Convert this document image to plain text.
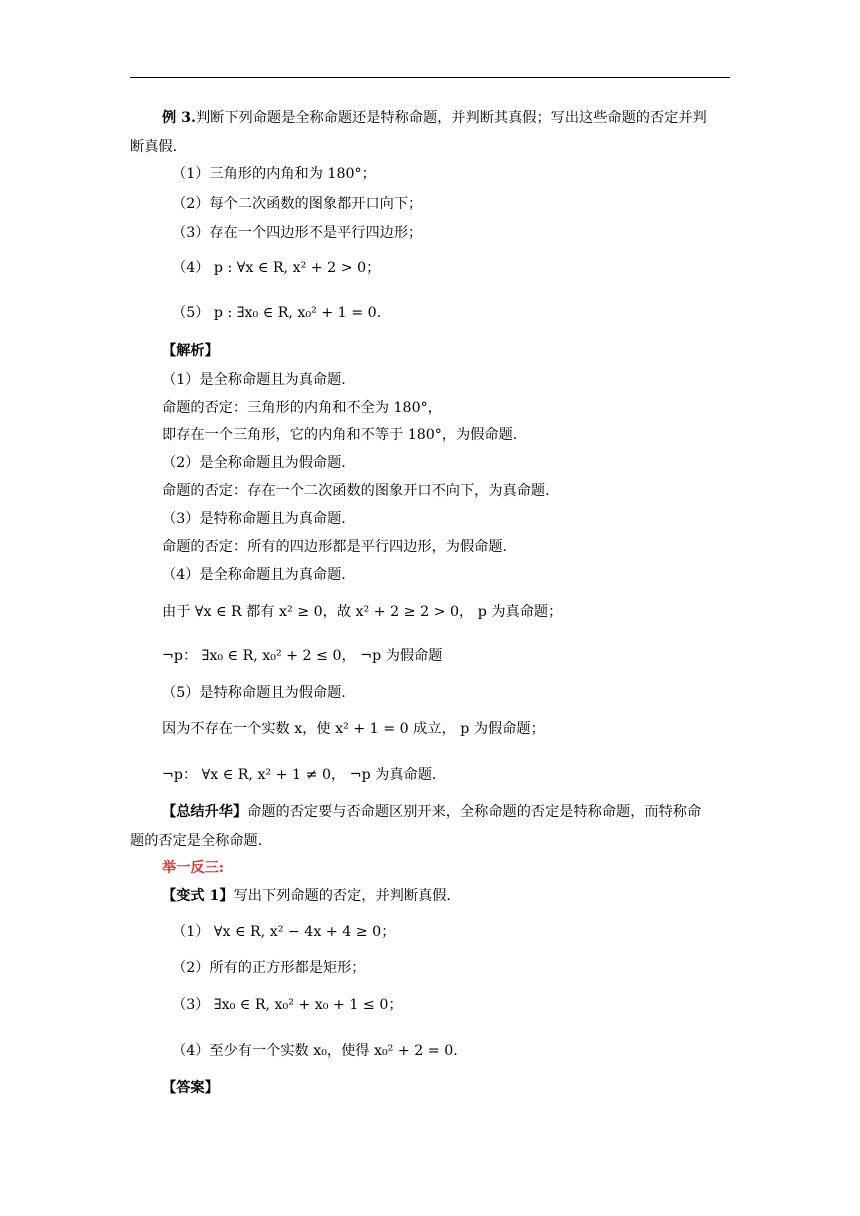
例 3.判断下列命题是全称命题还是特称命题，并判断其真假；写出这些命题的否定并判
断真假.
（1）三角形的内角和为 180°；
（2）每个二次函数的图象都开口向下；
（3）存在一个四边形不是平行四边形；
（4） p : ∀x ∈ R, x² + 2 > 0；
（5） p : ∃x₀ ∈ R, x₀² + 1 = 0.
【解析】
（1）是全称命题且为真命题.
命题的否定：三角形的内角和不全为 180°，
即存在一个三角形，它的内角和不等于 180°，为假命题.
（2）是全称命题且为假命题.
命题的否定：存在一个二次函数的图象开口不向下，为真命题.
（3）是特称命题且为真命题.
命题的否定：所有的四边形都是平行四边形，为假命题.
（4）是全称命题且为真命题.
由于 ∀x ∈ R 都有 x² ≥ 0，故 x² + 2 ≥ 2 > 0， p 为真命题；
¬p： ∃x₀ ∈ R, x₀² + 2 ≤ 0， ¬p 为假命题
（5）是特称命题且为假命题.
因为不存在一个实数 x，使 x² + 1 = 0 成立， p 为假命题；
¬p： ∀x ∈ R, x² + 1 ≠ 0， ¬p 为真命题.
【总结升华】命题的否定要与否命题区别开来，全称命题的否定是特称命题，而特称命
题的否定是全称命题.
举一反三:
【变式 1】写出下列命题的否定，并判断真假.
（1） ∀x ∈ R, x² − 4x + 4 ≥ 0；
（2）所有的正方形都是矩形；
（3） ∃x₀ ∈ R, x₀² + x₀ + 1 ≤ 0；
（4）至少有一个实数 x₀，使得 x₀² + 2 = 0.
【答案】
